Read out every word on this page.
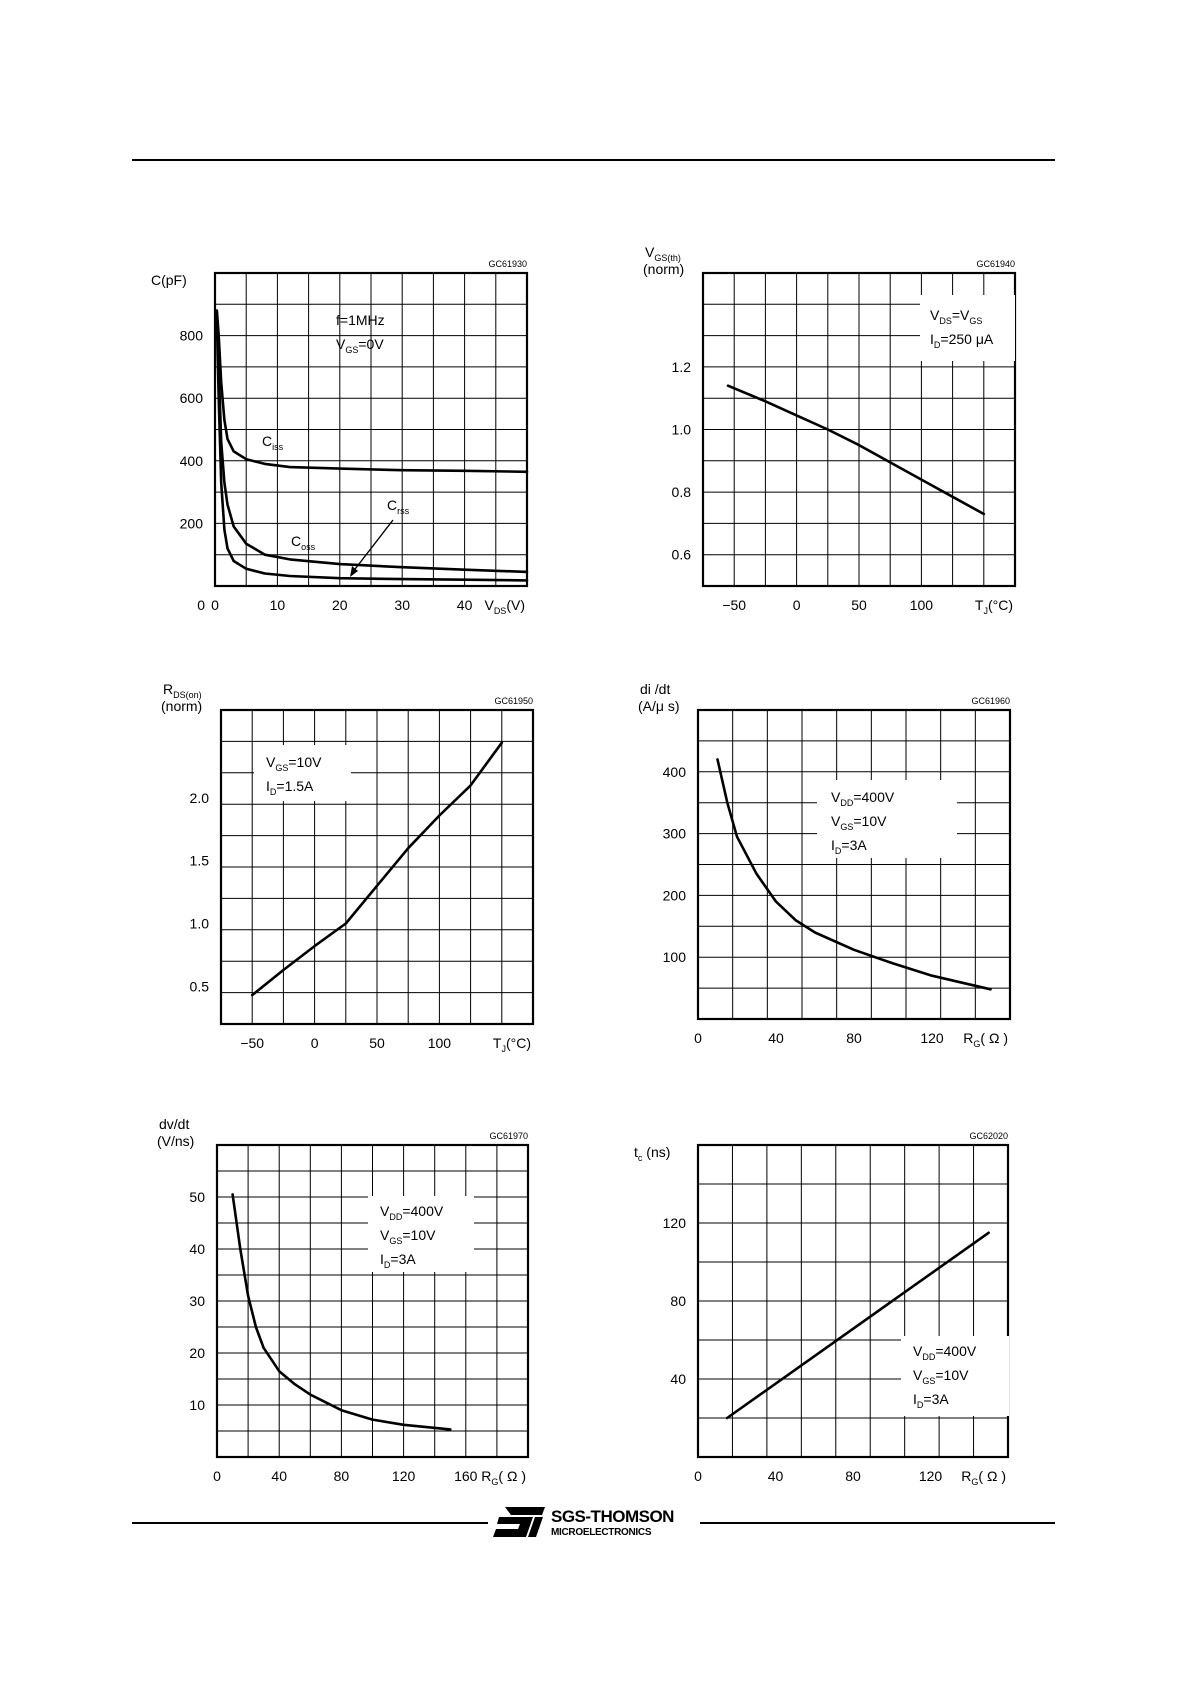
GC61930
200
400
600
800
0	10	20	30	40
C(pF)
$V_{DS}(V)$
0
f=1MHz
$V_{GS}=0V$
$C_{iss}$
$C_{oss}$
$C_{rss}$
GC61940
0.6
0.8
1.0
1.2
−50	0	50	100
$V_{GS(th)}$
(norm)
$T_J(^\circ C)$
$V_{DS}=V_{GS}$
$I_D=250$ μA
GC61950
0.5
1.0
1.5
2.0
−50	0	50	100
$R_{DS(on)}$
(norm)
$T_J(^\circ C)$
$V_{GS}=10V$
$I_D=1.5A$
GC61960
100
200
300
400
0	40	80	120
di /dt
(A/μ s)
$R_G$( Ω )
$V_{DD}=400V$
$V_{GS}=10V$
$I_D=3A$
GC61970
10
20
30
40
50
0	40	80	120	160
dv/dt
(V/ns)
$R_G$( Ω )
$V_{DD}=400V$
$V_{GS}=10V$
$I_D=3A$
GC62020
40
80
120
0	40	80	120
$t_c$ (ns)
$R_G$( Ω )
$V_{DD}=400V$
$V_{GS}=10V$
$I_D=3A$
SGS-THOMSON
MICROELECTRONICS
